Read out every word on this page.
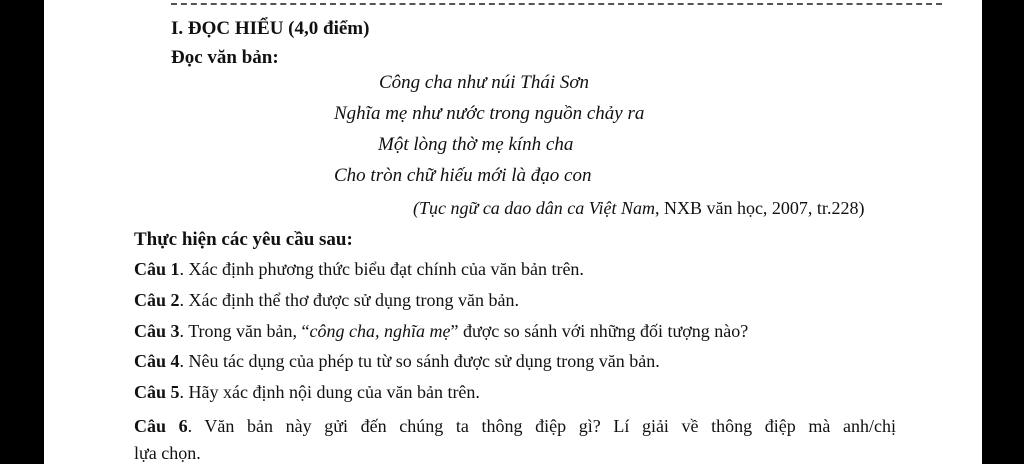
I. ĐỌC HIỂU (4,0 điểm)
Đọc văn bản:
Công cha như núi Thái Sơn
Nghĩa mẹ như nước trong nguồn chảy ra
Một lòng thờ mẹ kính cha
Cho tròn chữ hiếu mới là đạo con
(Tục ngữ ca dao dân ca Việt Nam, NXB văn học, 2007, tr.228)
Thực hiện các yêu cầu sau:
Câu 1. Xác định phương thức biểu đạt chính của văn bản trên.
Câu 2. Xác định thể thơ được sử dụng trong văn bản.
Câu 3. Trong văn bản, “công cha, nghĩa mẹ” được so sánh với những đối tượng nào?
Câu 4. Nêu tác dụng của phép tu từ so sánh được sử dụng trong văn bản.
Câu 5. Hãy xác định nội dung của văn bản trên.
Câu 6. Văn bản này gửi đến chúng ta thông điệp gì? Lí giải về thông điệp mà anh/chị
lựa chọn.
